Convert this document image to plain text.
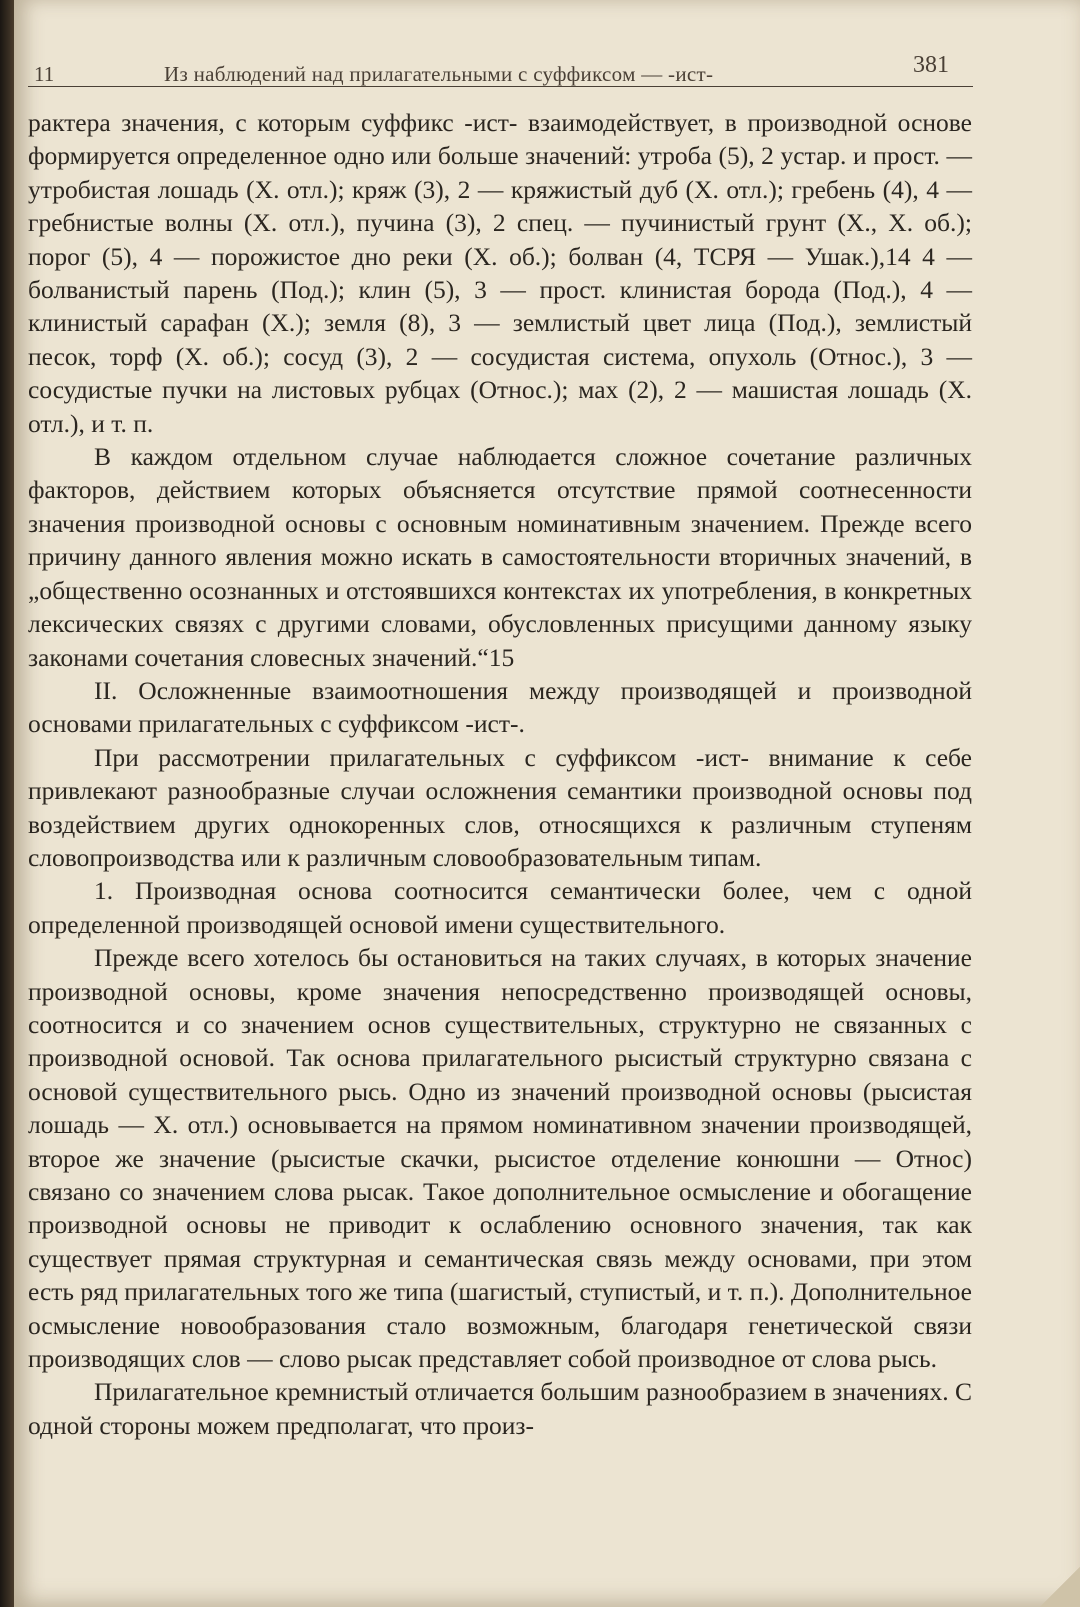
11	Из наблюдений над прилагательными с суффиксом — -ист-	381

рактера значения, с которым суффикс -ист- взаимодействует, в производной основе формируется определенное одно или больше значений: утроба (5), 2 устар. и прост. — утробистая лошадь (X. отл.); кряж (3), 2 — кряжистый дуб (X. отл.); гребень (4), 4 — гребнистые волны (X. отл.), пучина (3), 2 спец. — пучинистый грунт (X., X. об.); порог (5), 4 — порожистое дно реки (X. об.); болван (4, ТСРЯ — Ушак.),14 4 — болванистый парень (Под.); клин (5), 3 — прост. клинистая борода (Под.), 4 — клинистый сарафан (X.); земля (8), 3 — землистый цвет лица (Под.), землистый песок, торф (X. об.); сосуд (3), 2 — сосудистая система, опухоль (Относ.), 3 — сосудистые пучки на листовых рубцах (Относ.); мах (2), 2 — машистая лошадь (X. отл.), и т. п.

В каждом отдельном случае наблюдается сложное сочетание различных факторов, действием которых объясняется отсутствие прямой соотнесенности значения производной основы с основным номинативным значением. Прежде всего причину данного явления можно искать в самостоятельности вторичных значений, в „общественно осознанных и отстоявшихся контекстах их употребления, в конкретных лексических связях с другими словами, обусловленных присущими данному языку законами сочетания словесных значений.“15

II. Осложненные взаимоотношения между производящей и производной основами прилагательных с суффиксом -ист-.

При рассмотрении прилагательных с суффиксом -ист- внимание к себе привлекают разнообразные случаи осложнения семантики производной основы под воздействием других однокоренных слов, относящихся к различным ступеням словопроизводства или к различным словообразовательным типам.

1. Производная основа соотносится семантически более, чем с одной определенной производящей основой имени существительного.

Прежде всего хотелось бы остановиться на таких случаях, в которых значение производной основы, кроме значения непосредственно производящей основы, соотносится и со значением основ существительных, структурно не связанных с производной основой. Так основа прилагательного рысистый структурно связана с основой существительного рысь. Одно из значений производной основы (рысистая лошадь — X. отл.) основывается на прямом номинативном значении производящей, второе же значение (рысистые скачки, рысистое отделение конюшни — Относ) связано со значением слова рысак. Такое дополнительное осмысление и обогащение производной основы не приводит к ослаблению основного значения, так как существует прямая структурная и семантическая связь между основами, при этом есть ряд прилагательных того же типа (шагистый, ступистый, и т. п.). Дополнительное осмысление новообразования стало возможным, благодаря генетической связи производящих слов — слово рысак представляет собой производное от слова рысь.

Прилагательное кремнистый отличается большим разнообразием в значениях. С одной стороны можем предполагат, что произ-
